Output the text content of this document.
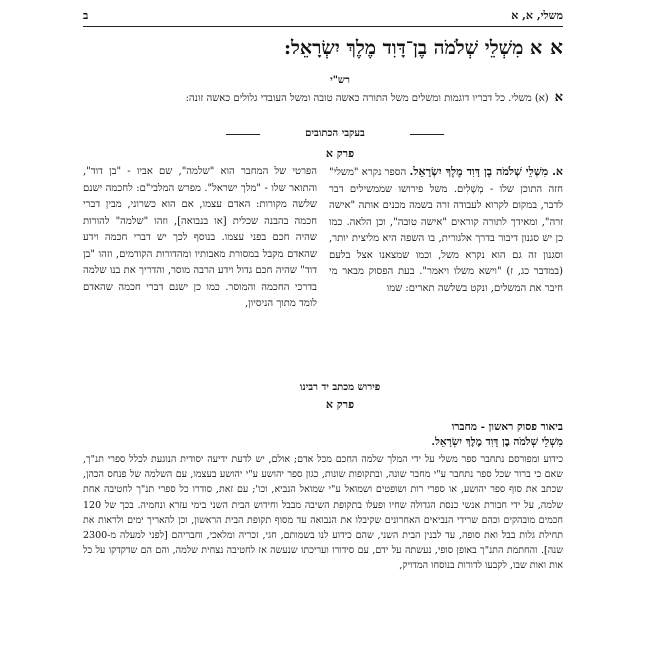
משלי, א, א
ב
אא מִשְׁלֵי שְׁלֹמֹה בֶן־דָּוִד מֶלֶךְ יִשְׂרָאֵל:
רש"י
א(א) משלי. כל דבריו דוגמות ומשלים משל התורה כאשה טובה ומשל העובדי גלולים כאשה זונה:
בעקבי הכתובים
פרק א
א. מִשְׁלֵי שְׁלֹמֹה בֶן דָּוִד מֶלֶךְ יִשְׂרָאֵל. הספר נקרא "משלי" חזה התוכן שלו - מְשָׁלִים. משל פירושו שממשילים דבר לדבר, במקום לקרוא לעבודה זרה בשמה מכנים אותה "אישה זרה", ומאידך לתורה קוראים "אישה טובה", וכן הלאה. כמו כן יש סגנון דיבור בדרך אלגורית, בו השפה היא מליצית יותר, וסגנון זה גם הוא נקרא משל, וכמו שמצאנו אצל בלעם (במדבר כג, ז) "וישא משלו ויאמר". בעת הפסוק מבאר מי חיבר את המשלים, ונקט בשלשה תארים: שמו
הפרטי של המחבר הוא "שלמה", שם אביו - "בן דוד", והתואר שלו - "מלך ישראל". מפרש המלבי"ם: לחכמה ישנם שלשה מקורות: האדם עצמו, אם הוא כשרוני, מבין דברי חכמה בהבנה שכלית [או בנבואה], וזהו "שלמה" להורות שהיה חכם בפני עצמו. בנוסף לכך יש דברי חכמה וידע שהאדם מקבל במסורת מאבותיו ומהדורות הקודמים, וזהו "בן דוד" שהיה חכם גדול וידע הרבה מוסר, והדריך את בנו שלמה בדרכי החכמה והמוסר. כמו כן ישנם דברי חכמה שהאדם לומד מתוך הניסיון,
פירוש מכתב יד רבינו
פרק א
ביאור פסוק ראשון - מחברו
מִשְׁלֵי שְׁלֹמֹה בֶן דָּוִד מֶלֶךְ יִשְׂרָאֵל.
כידוע ומפורסם נתחבר ספר משלי על ידי המלך שלמה החכם מכל אדם; אולם, יש לדעת ידיעה יסודית הנוגעת לכלל ספרי תנ"ך, שאם כי ברור שכל ספר נתחבר ע"י מחבר שונה, ובתקופות שונות, כגון ספר יהושע ע"י יהושע בעצמו, עם השלמה של פנחס הכהן, שכתב את סוף ספר יהושע, או ספרי רות ושופטים ושמואל ע"י שמואל הנביא, וכו'; עם זאת, סודרו כל ספרי תנ"ך לחטיבה אחת שלמה, על ידי חבורת אנשי כנסת הגדולה שחיו ופעלו בתקופת השיבה מבבל וחידוש הבית השני בימי עזרא ונחמיה. בכך של 120 חכמים מובהקים וכהם שרידי הנביאים האחרונים שקיבלו את הנבואה עד מסוף תקופת הבית הראשון, וכן להאריך ימים ולראות את תחילת גלות בבל ואת סופה, עד לבנין הבית השני, שהם כידוע לנו בשמותם, חגי, זכריה ומלאכי, וחבריהם [לפני למעלה מ-2300 שנה]. והחתמת התנ"ך באופן סופי, נעשתה על ידם, עם סידורו ועריכתו שנעשה אז לחטיבה נצחית שלמה, והם הם שדקדקו על כל אות ואות שבו, לקבעו לדורות בנוסחו המדויק,
